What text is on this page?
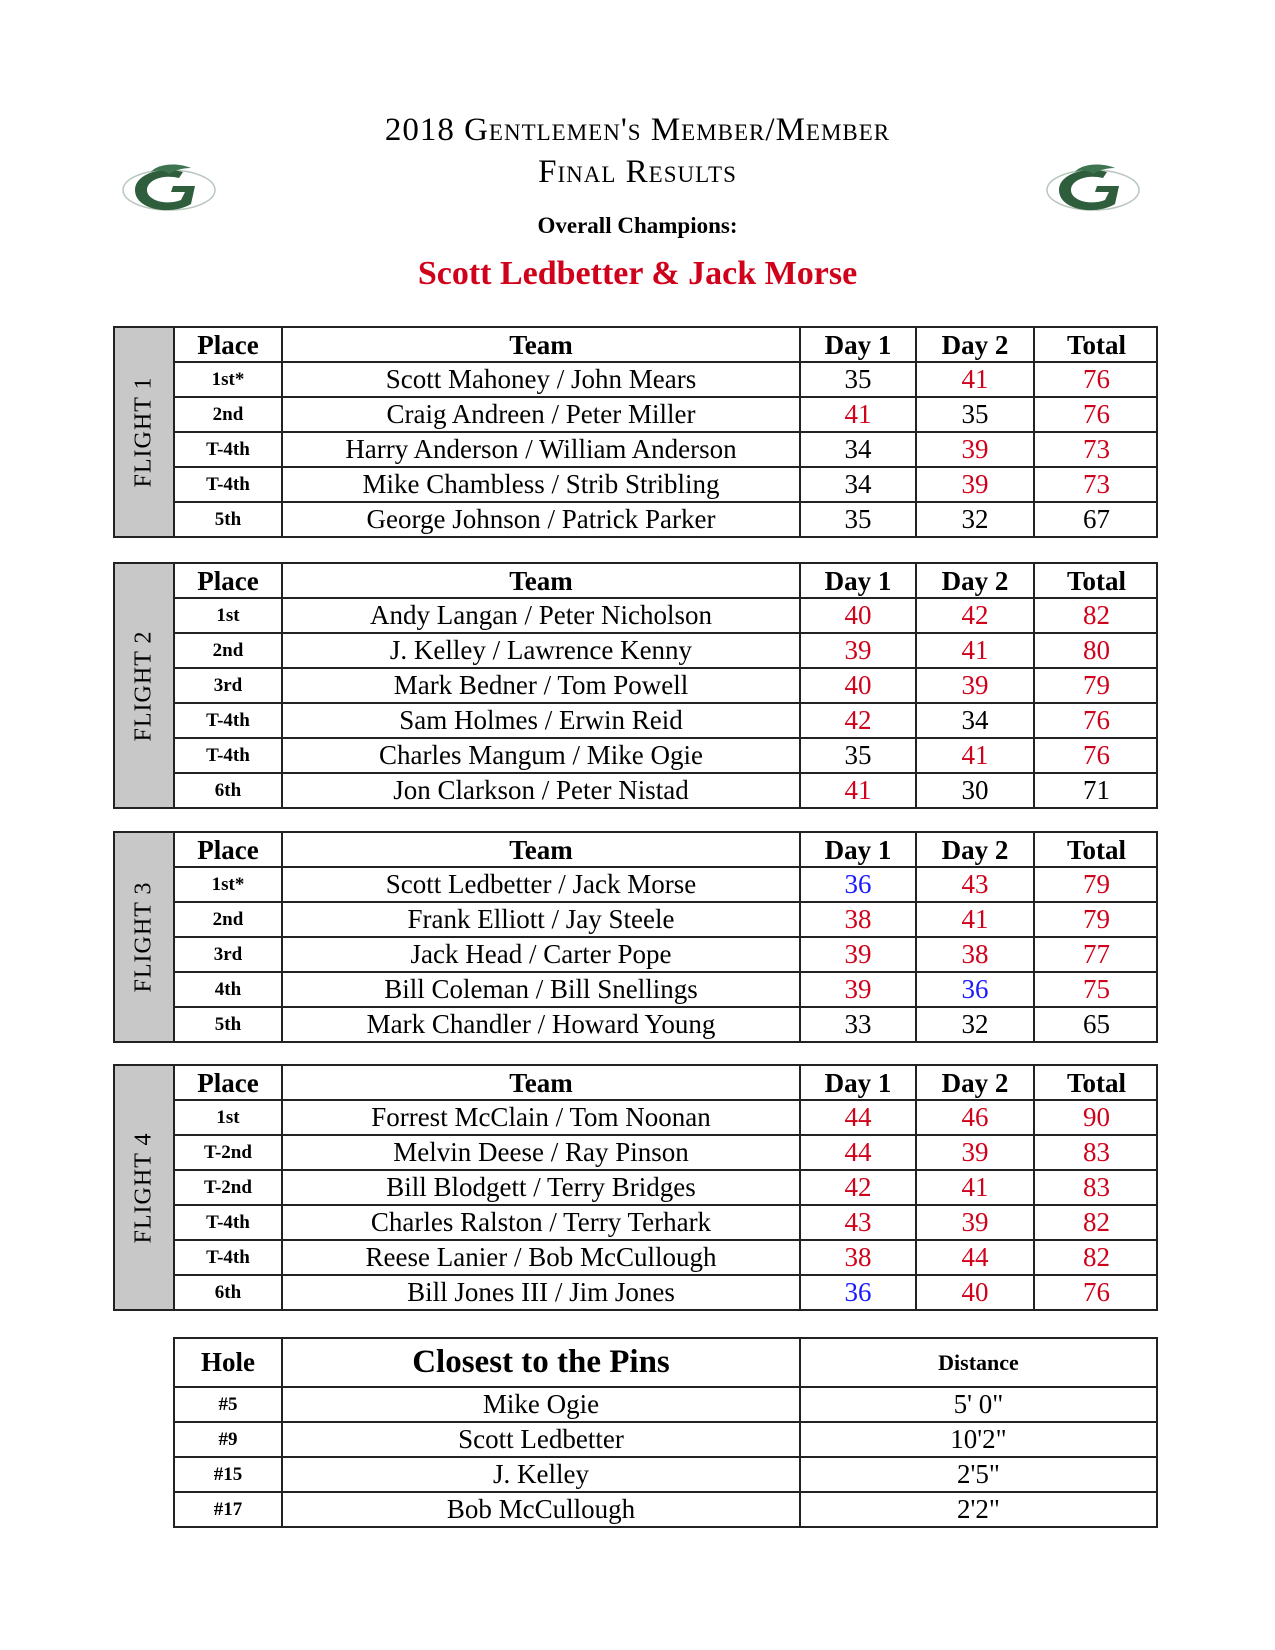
2018 Gentlemen's Member/Member
Final Results
Overall Champions:
Scott Ledbetter & Jack Morse
FLIGHT 1
Place	Team	Day 1	Day 2	Total
1st*	Scott Mahoney / John Mears	35	41	76
2nd	Craig Andreen / Peter Miller	41	35	76
T-4th	Harry Anderson / William Anderson	34	39	73
T-4th	Mike Chambless / Strib Stribling	34	39	73
5th	George Johnson / Patrick Parker	35	32	67
FLIGHT 2
Place	Team	Day 1	Day 2	Total
1st	Andy Langan / Peter Nicholson	40	42	82
2nd	J. Kelley / Lawrence Kenny	39	41	80
3rd	Mark Bedner / Tom Powell	40	39	79
T-4th	Sam Holmes / Erwin Reid	42	34	76
T-4th	Charles Mangum / Mike Ogie	35	41	76
6th	Jon Clarkson / Peter Nistad	41	30	71
FLIGHT 3
Place	Team	Day 1	Day 2	Total
1st*	Scott Ledbetter / Jack Morse	36	43	79
2nd	Frank Elliott / Jay Steele	38	41	79
3rd	Jack Head / Carter Pope	39	38	77
4th	Bill Coleman / Bill Snellings	39	36	75
5th	Mark Chandler / Howard Young	33	32	65
FLIGHT 4
Place	Team	Day 1	Day 2	Total
1st	Forrest McClain / Tom Noonan	44	46	90
T-2nd	Melvin Deese / Ray Pinson	44	39	83
T-2nd	Bill Blodgett / Terry Bridges	42	41	83
T-4th	Charles Ralston / Terry Terhark	43	39	82
T-4th	Reese Lanier / Bob McCullough	38	44	82
6th	Bill Jones III / Jim Jones	36	40	76
Hole	Closest to the Pins	Distance
#5	Mike Ogie	5' 0"
#9	Scott Ledbetter	10'2"
#15	J. Kelley	2'5"
#17	Bob McCullough	2'2"
